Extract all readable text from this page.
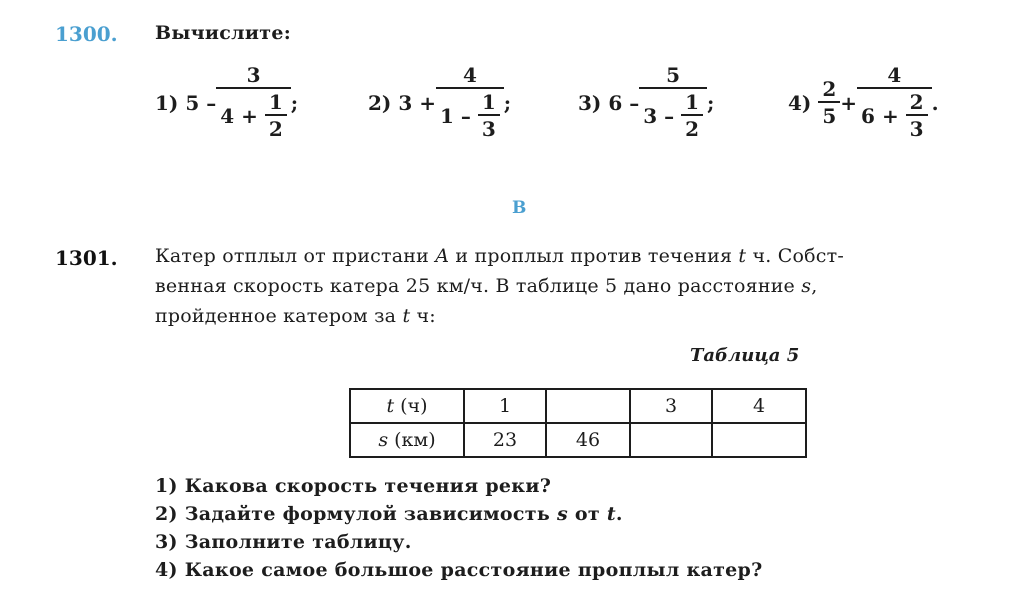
1300. Вычислите:
1)
5
– 3
4
+
$\frac{1}{2}$ ;	2)
3
+ 4
1
–
$\frac{1}{3}$ ;	3)
6
– 5
3
–
$\frac{1}{2}$ ;	4)
$\frac{2}{5} + 4$
6
+
$\frac{2}{3}$ .
В
1301. Катер отплыл от пристани A и проплыл против течения t ч. Собст-
венная скорость катера 25 км/ч. В таблице 5 дано расстояние s,
пройденное катером за t ч:
Таблица 5
t (ч)	1		3	4
s (км)	23	46		
1) Какова скорость течения реки?
2) Задайте формулой зависимость s от t.
3) Заполните таблицу.
4) Какое самое большое расстояние проплыл катер?
